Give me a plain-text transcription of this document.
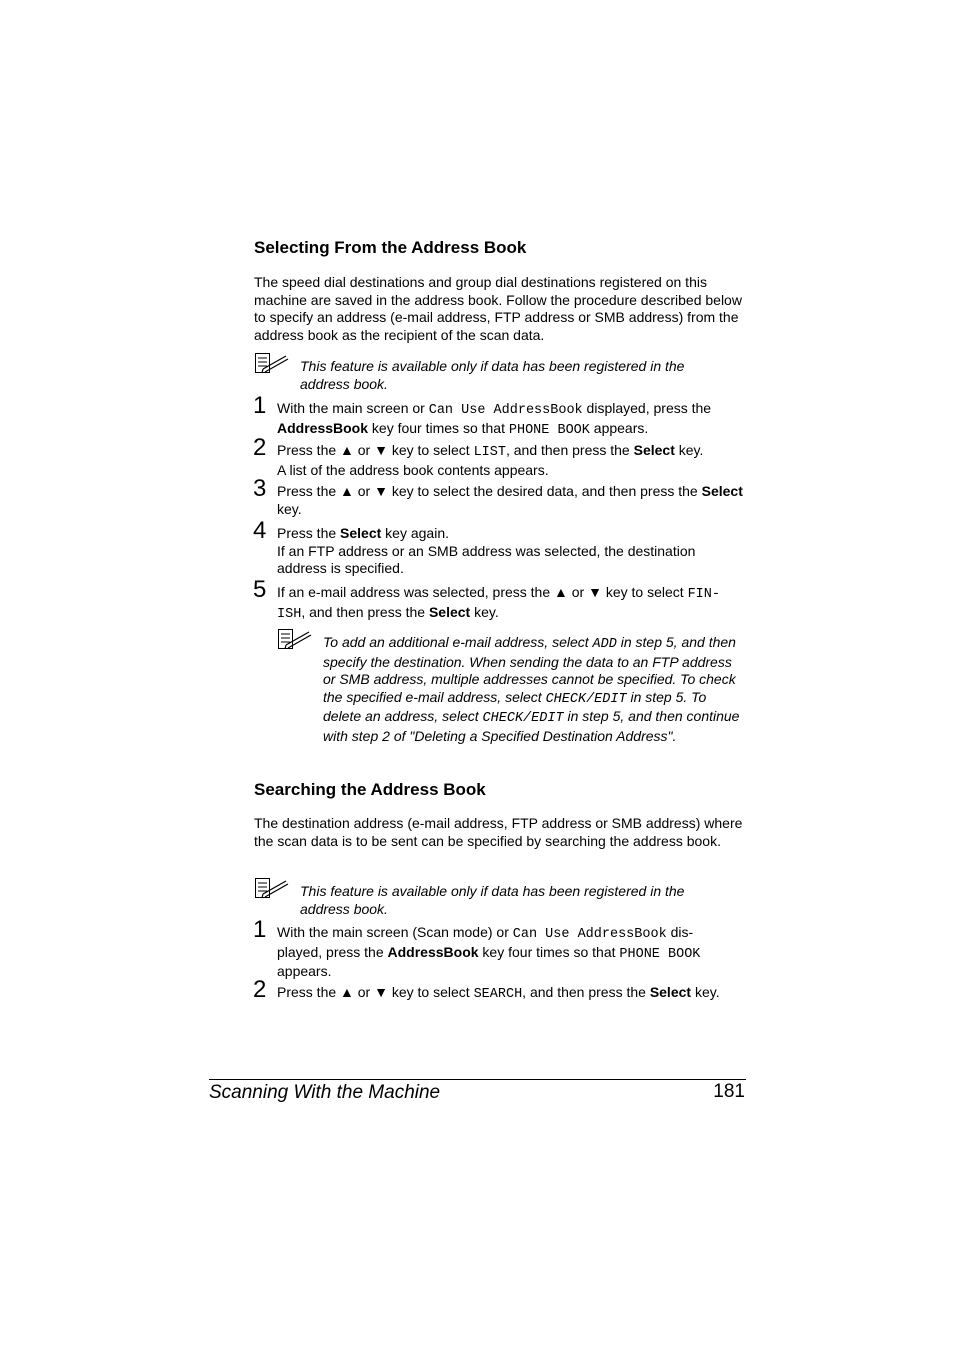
Selecting From the Address Book
The speed dial destinations and group dial destinations registered on this machine are saved in the address book. Follow the procedure described below to specify an address (e-mail address, FTP address or SMB address) from the address book as the recipient of the scan data.
This feature is available only if data has been registered in the address book.
1 With the main screen or Can Use AddressBook displayed, press the AddressBook key four times so that PHONE BOOK appears.
2 Press the ▲ or ▼ key to select LIST, and then press the Select key.
A list of the address book contents appears.
3 Press the ▲ or ▼ key to select the desired data, and then press the Select key.
4 Press the Select key again.
If an FTP address or an SMB address was selected, the destination address is specified.
5 If an e-mail address was selected, press the ▲ or ▼ key to select FIN-
ISH, and then press the Select key.
To add an additional e-mail address, select ADD in step 5, and then specify the destination. When sending the data to an FTP address or SMB address, multiple addresses cannot be specified. To check the specified e-mail address, select CHECK/EDIT in step 5. To delete an address, select CHECK/EDIT in step 5, and then continue with step 2 of "Deleting a Specified Destination Address".
Searching the Address Book
The destination address (e-mail address, FTP address or SMB address) where the scan data is to be sent can be specified by searching the address book.
This feature is available only if data has been registered in the address book.
1 With the main screen (Scan mode) or Can Use AddressBook dis-
played, press the AddressBook key four times so that PHONE BOOK
appears.
2 Press the ▲ or ▼ key to select SEARCH, and then press the Select key.
Scanning With the Machine	181
